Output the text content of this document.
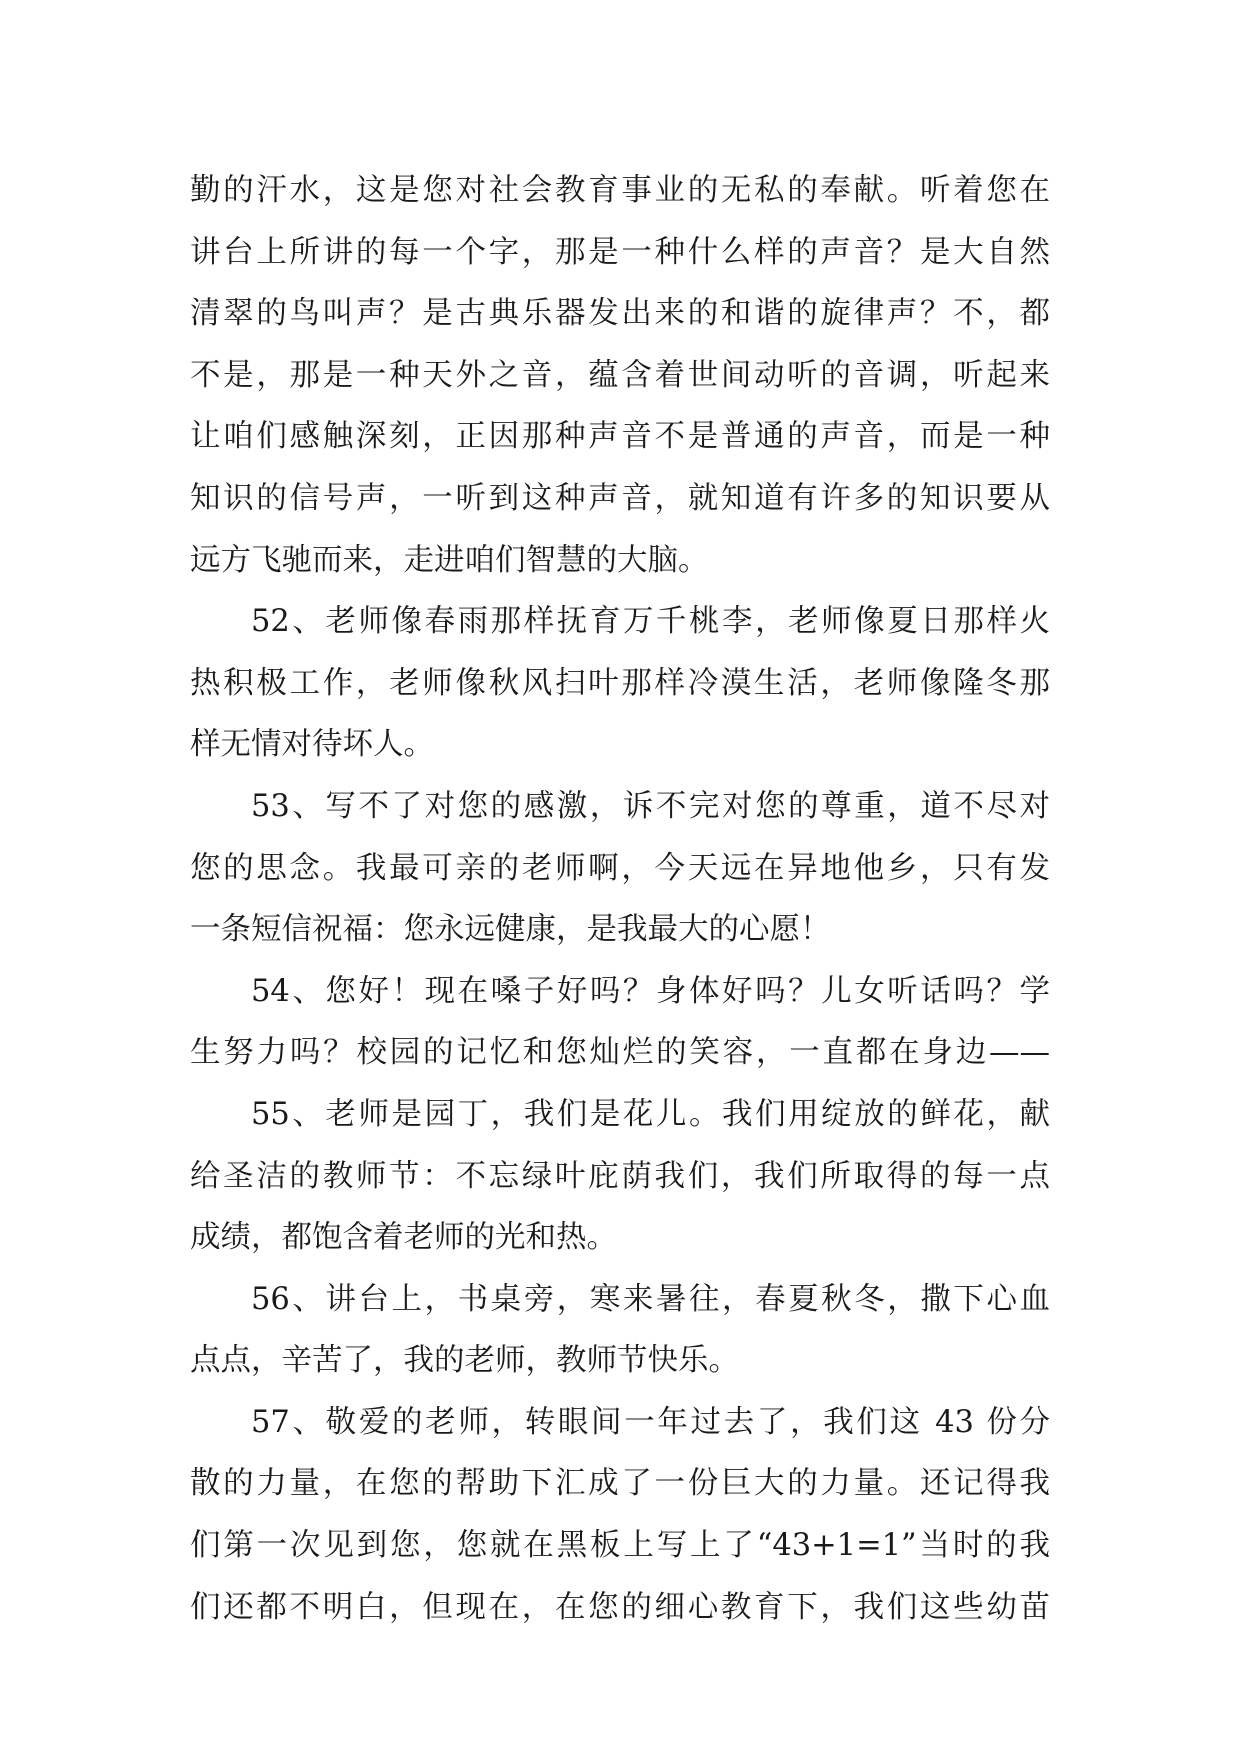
勤的汗水，这是您对社会教育事业的无私的奉献。听着您在
讲台上所讲的每一个字，那是一种什么样的声音？是大自然
清翠的鸟叫声？是古典乐器发出来的和谐的旋律声？不，都
不是，那是一种天外之音，蕴含着世间动听的音调，听起来
让咱们感触深刻，正因那种声音不是普通的声音，而是一种
知识的信号声，一听到这种声音，就知道有许多的知识要从
远方飞驰而来，走进咱们智慧的大脑。
52、老师像春雨那样抚育万千桃李，老师像夏日那样火
热积极工作，老师像秋风扫叶那样冷漠生活，老师像隆冬那
样无情对待坏人。
53、写不了对您的感激，诉不完对您的尊重，道不尽对
您的思念。我最可亲的老师啊，今天远在异地他乡，只有发
一条短信祝福：您永远健康，是我最大的心愿！
54、您好！现在嗓子好吗？身体好吗？儿女听话吗？学
生努力吗？校园的记忆和您灿烂的笑容，一直都在身边——
55、老师是园丁，我们是花儿。我们用绽放的鲜花，献
给圣洁的教师节：不忘绿叶庇荫我们，我们所取得的每一点
成绩，都饱含着老师的光和热。
56、讲台上，书桌旁，寒来暑往，春夏秋冬，撒下心血
点点，辛苦了，我的老师，教师节快乐。
57、敬爱的老师，转眼间一年过去了，我们这 43 份分
散的力量，在您的帮助下汇成了一份巨大的力量。还记得我
们第一次见到您，您就在黑板上写上了“43+1=1”当时的我
们还都不明白，但现在，在您的细心教育下，我们这些幼苗
